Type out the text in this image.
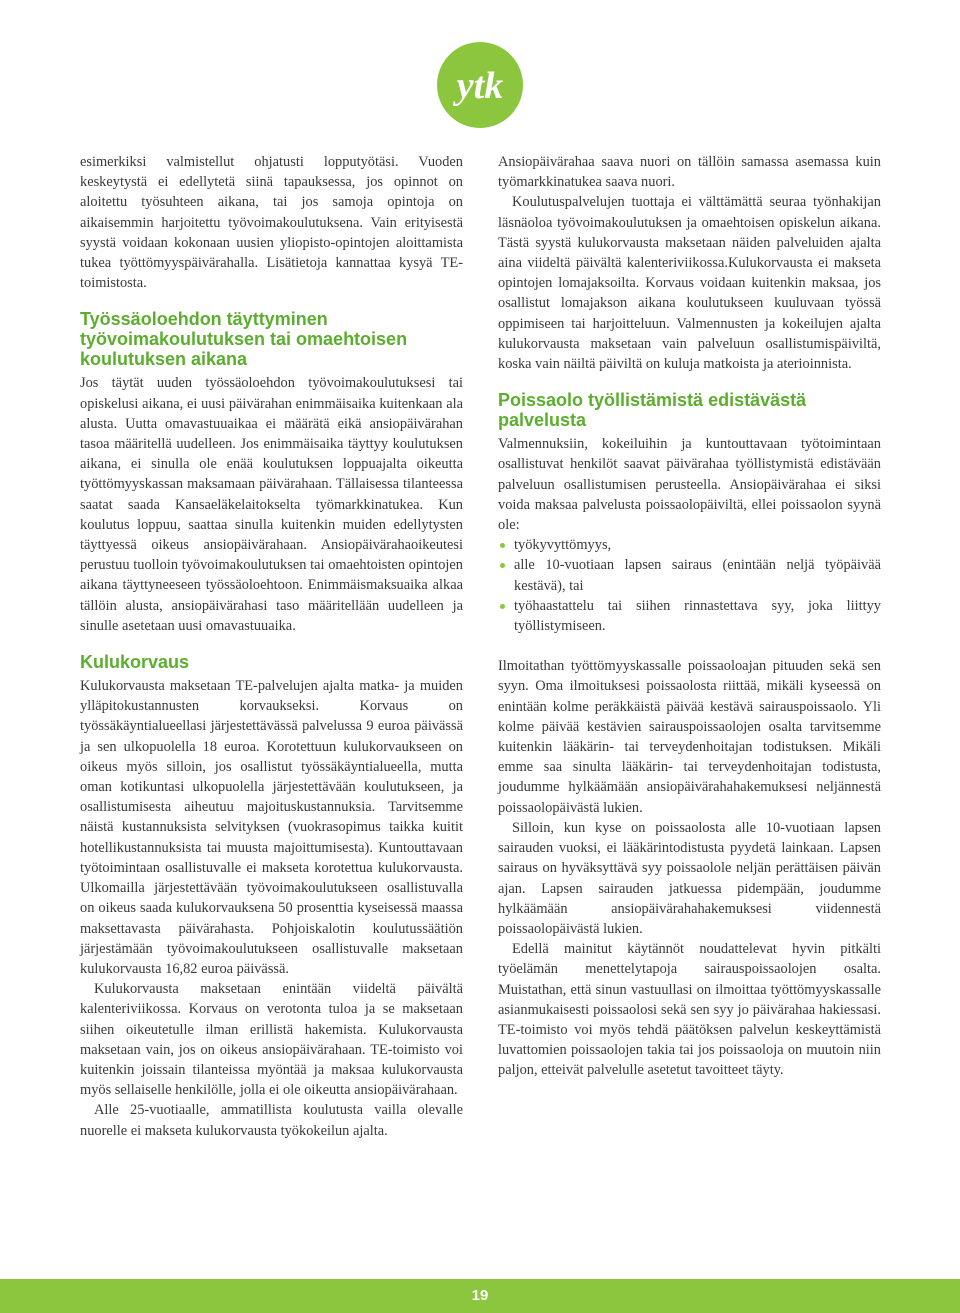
ytk

esimerkiksi valmistellut ohjatusti lopputyötäsi. Vuoden keskeytystä ei edellytetä siinä tapauksessa, jos opinnot on aloitettu työsuhteen aikana, tai jos samoja opintoja on aikaisemmin harjoitettu työvoimakoulutuksena. Vain erityisestä syystä voidaan kokonaan uusien yliopisto-opintojen aloittamista tukea työttömyyspäivärahalla. Lisätietoja kannattaa kysyä TE-toimistosta.

Työssäoloehdon täyttyminen työvoimakoulutuksen tai omaehtoisen koulutuksen aikana

Jos täytät uuden työssäoloehdon työvoimakoulutuksesi tai opiskelusi aikana, ei uusi päivärahan enimmäisaika kuitenkaan ala alusta. Uutta omavastuuaikaa ei määrätä eikä ansiopäivärahan tasoa määritellä uudelleen. Jos enimmäisaika täyttyy koulutuksen aikana, ei sinulla ole enää koulutuksen loppuajalta oikeutta työttömyyskassan maksamaan päivärahaan. Tällaisessa tilanteessa saatat saada Kansaeläkelaitokselta työmarkkinatukea. Kun koulutus loppuu, saattaa sinulla kuitenkin muiden edellytysten täyttyessä oikeus ansiopäivärahaan. Ansiopäivärahaoikeutesi perustuu tuolloin työvoimakoulutuksen tai omaehtoisten opintojen aikana täyttyneeseen työssäoloehtoon. Enimmäismaksuaika alkaa tällöin alusta, ansiopäivärahasi taso määritellään uudelleen ja sinulle asetetaan uusi omavastuuaika.

Kulukorvaus

Kulukorvausta maksetaan TE-palvelujen ajalta matka- ja muiden ylläpitokustannusten korvaukseksi. Korvaus on työssäkäyntialueellasi järjestettävässä palvelussa 9 euroa päivässä ja sen ulkopuolella 18 euroa. Korotettuun kulukorvaukseen on oikeus myös silloin, jos osallistut työssäkäyntialueella, mutta oman kotikuntasi ulkopuolella järjestettävään koulutukseen, ja osallistumisesta aiheutuu majoituskustannuksia. Tarvitsemme näistä kustannuksista selvityksen (vuokrasopimus taikka kuitit hotellikustannuksista tai muusta majoittumisesta). Kuntouttavaan työtoimintaan osallistuvalle ei makseta korotettua kulukorvausta. Ulkomailla järjestettävään työvoimakoulutukseen osallistuvalla on oikeus saada kulukorvauksena 50 prosenttia kyseisessä maassa maksettavasta päivärahasta. Pohjoiskalotin koulutussäätiön järjestämään työvoimakoulutukseen osallistuvalle maksetaan kulukorvausta 16,82 euroa päivässä.

Kulukorvausta maksetaan enintään viideltä päivältä kalenteriviikossa. Korvaus on verotonta tuloa ja se maksetaan siihen oikeutetulle ilman erillistä hakemista. Kulukorvausta maksetaan vain, jos on oikeus ansiopäivärahaan. TE-toimisto voi kuitenkin joissain tilanteissa myöntää ja maksaa kulukorvausta myös sellaiselle henkilölle, jolla ei ole oikeutta ansiopäivärahaan.

Alle 25-vuotiaalle, ammatillista koulutusta vailla olevalle nuorelle ei makseta kulukorvausta työkokeilun ajalta.

Ansiopäivärahaa saava nuori on tällöin samassa asemassa kuin työmarkkinatukea saava nuori.

Koulutuspalvelujen tuottaja ei välttämättä seuraa työnhakijan läsnäoloa työvoimakoulutuksen ja omaehtoisen opiskelun aikana. Tästä syystä kulukorvausta maksetaan näiden palveluiden ajalta aina viideltä päivältä kalenteriviikossa.Kulukorvausta ei makseta opintojen lomajaksoilta. Korvaus voidaan kuitenkin maksaa, jos osallistut lomajakson aikana koulutukseen kuuluvaan työssä oppimiseen tai harjoitteluun. Valmennusten ja kokeilujen ajalta kulukorvausta maksetaan vain palveluun osallistumispäiviltä, koska vain näiltä päiviltä on kuluja matkoista ja aterioinnista.

Poissaolo työllistämistä edistävästä palvelusta

Valmennuksiin, kokeiluihin ja kuntouttavaan työtoimintaan osallistuvat henkilöt saavat päivärahaa työllistymistä edistävään palveluun osallistumisen perusteella. Ansiopäivärahaa ei siksi voida maksaa palvelusta poissaolopäiviltä, ellei poissaolon syynä ole:

työkyvyttömyys,
alle 10-vuotiaan lapsen sairaus (enintään neljä työpäivää kestävä), tai
työhaastattelu tai siihen rinnastettava syy, joka liittyy työllistymiseen.

Ilmoitathan työttömyyskassalle poissaoloajan pituuden sekä sen syyn. Oma ilmoituksesi poissaolosta riittää, mikäli kyseessä on enintään kolme peräkkäistä päivää kestävä sairauspoissaolo. Yli kolme päivää kestävien sairauspoissaolojen osalta tarvitsemme kuitenkin lääkärin- tai terveydenhoitajan todistuksen. Mikäli emme saa sinulta lääkärin- tai terveydenhoitajan todistusta, joudumme hylkäämään ansiopäivärahahakemuksesi neljännestä poissaolopäivästä lukien.

Silloin, kun kyse on poissaolosta alle 10-vuotiaan lapsen sairauden vuoksi, ei lääkärintodistusta pyydetä lainkaan. Lapsen sairaus on hyväksyttävä syy poissaolole neljän perättäisen päivän ajan. Lapsen sairauden jatkuessa pidempään, joudumme hylkäämään ansiopäivärahahakemuksesi viidennestä poissaolopäivästä lukien.

Edellä mainitut käytännöt noudattelevat hyvin pitkälti työelämän menettelytapoja sairauspoissaolojen osalta. Muistathan, että sinun vastuullasi on ilmoittaa työttömyyskassalle asianmukaisesti poissaolosi sekä sen syy jo päivärahaa hakiessasi. TE-toimisto voi myös tehdä päätöksen palvelun keskeyttämistä luvattomien poissaolojen takia tai jos poissaoloja on muutoin niin paljon, etteivät palvelulle asetetut tavoitteet täyty.

19
